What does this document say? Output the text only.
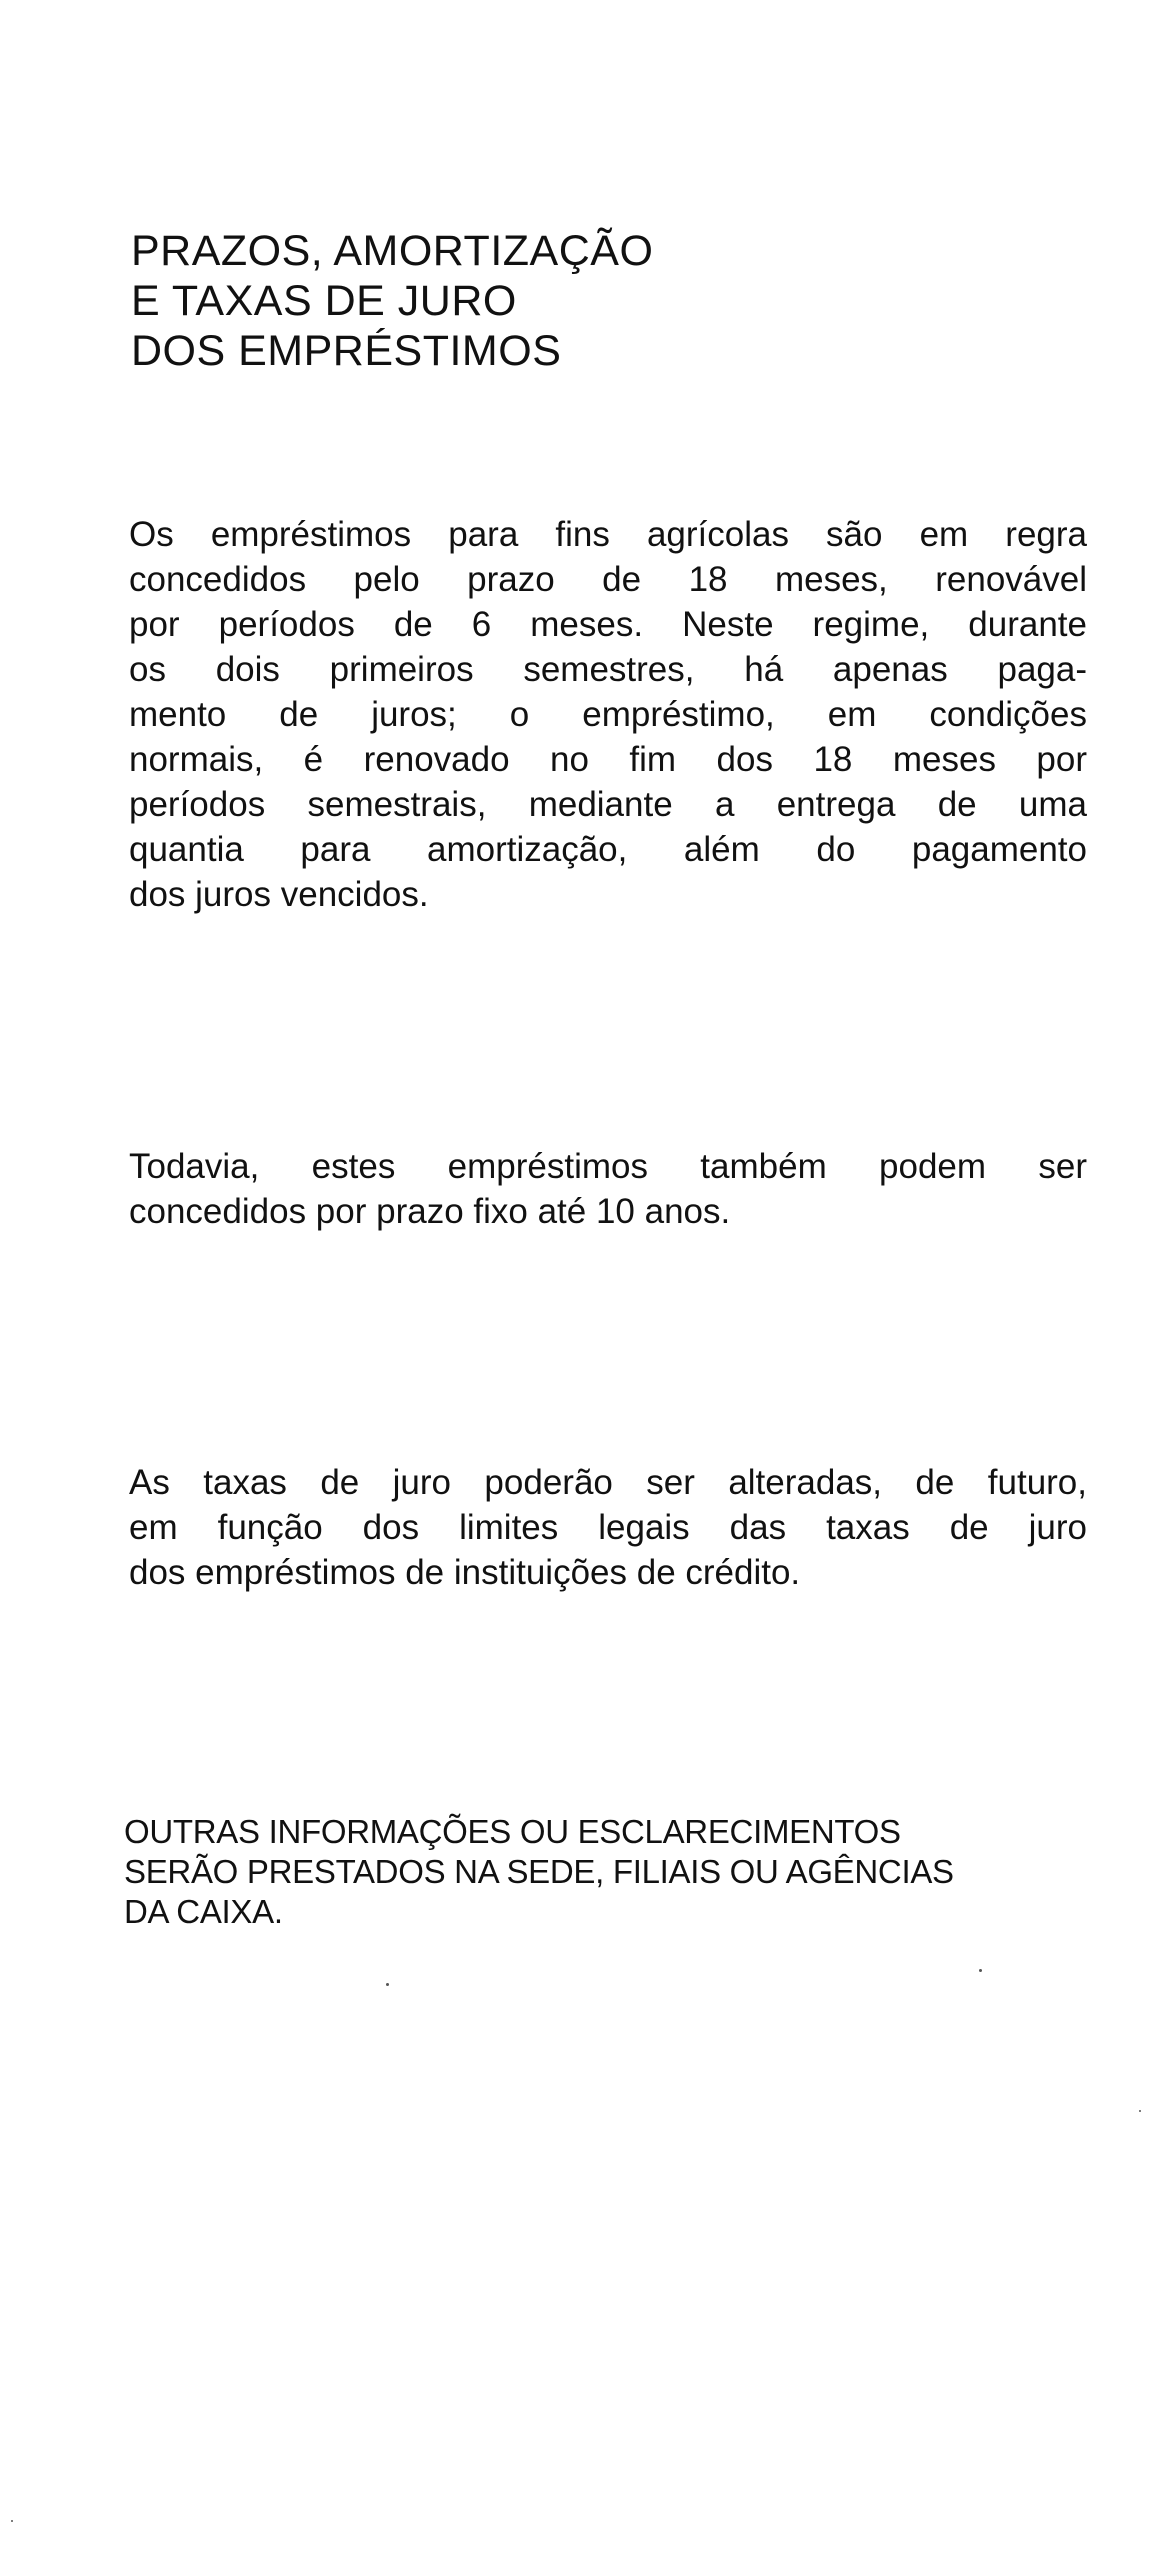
PRAZOS, AMORTIZAÇÃO
E TAXAS DE JURO
DOS EMPRÉSTIMOS
Os empréstimos para fins agrícolas são em regra
concedidos pelo prazo de 18 meses, renovável
por períodos de 6 meses. Neste regime, durante
os dois primeiros semestres, há apenas paga-
mento de juros; o empréstimo, em condições
normais, é renovado no fim dos 18 meses por
períodos semestrais, mediante a entrega de uma
quantia para amortização, além do pagamento
dos juros vencidos.
Todavia, estes empréstimos também podem ser
concedidos por prazo fixo até 10 anos.
As taxas de juro poderão ser alteradas, de futuro,
em função dos limites legais das taxas de juro
dos empréstimos de instituições de crédito.
OUTRAS INFORMAÇÕES OU ESCLARECIMENTOS
SERÃO PRESTADOS NA SEDE, FILIAIS OU AGÊNCIAS
DA CAIXA.
